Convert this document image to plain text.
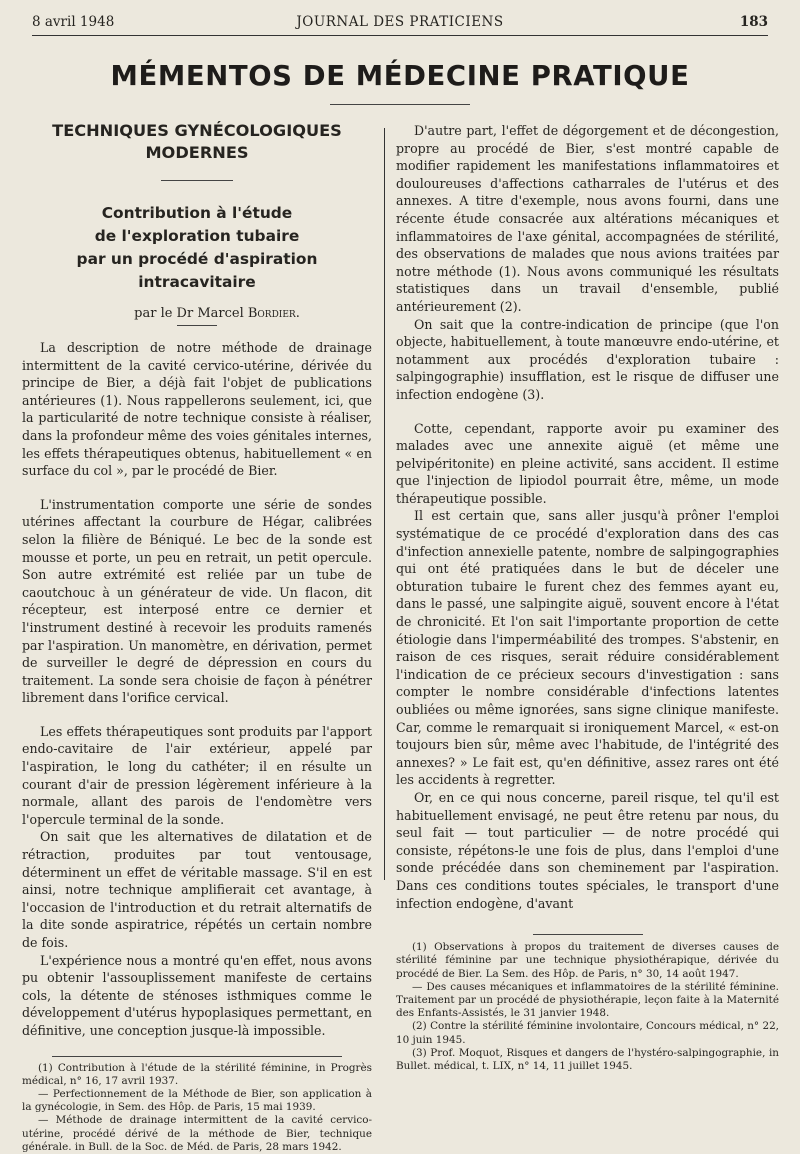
8 avril 1948	JOURNAL DES PRATICIENS	183
MÉMENTOS DE MÉDECINE PRATIQUE
TECHNIQUES GYNÉCOLOGIQUES
MODERNES
Contribution à l'étude
de l'exploration tubaire
par un procédé d'aspiration intracavitaire
par le Dr Marcel Bordier.

La description de notre méthode de drainage intermittent de la cavité cervico-utérine, dérivée du principe de Bier, a déjà fait l'objet de publications antérieures (1). Nous rappellerons seulement, ici, que la particularité de notre technique consiste à réaliser, dans la profondeur même des voies génitales internes, les effets thérapeutiques obtenus, habituellement « en surface du col », par le procédé de Bier.

L'instrumentation comporte une série de sondes utérines affectant la courbure de Hégar, calibrées selon la filière de Béniqué. Le bec de la sonde est mousse et porte, un peu en retrait, un petit opercule. Son autre extrémité est reliée par un tube de caoutchouc à un générateur de vide. Un flacon, dit récepteur, est interposé entre ce dernier et l'instrument destiné à recevoir les produits ramenés par l'aspiration. Un manomètre, en dérivation, permet de surveiller le degré de dépression en cours du traitement. La sonde sera choisie de façon à pénétrer librement dans l'orifice cervical.

Les effets thérapeutiques sont produits par l'apport endo-cavitaire de l'air extérieur, appelé par l'aspiration, le long du cathéter; il en résulte un courant d'air de pression légèrement inférieure à la normale, allant des parois de l'endomètre vers l'opercule terminal de la sonde.

On sait que les alternatives de dilatation et de rétraction, produites par tout ventousage, déterminent un effet de véritable massage. S'il en est ainsi, notre technique amplifierait cet avantage, à l'occasion de l'introduction et du retrait alternatifs de la dite sonde aspiratrice, répétés un certain nombre de fois.

L'expérience nous a montré qu'en effet, nous avons pu obtenir l'assouplissement manifeste de certains cols, la détente de sténoses isthmiques comme le développement d'utérus hypoplasiques permettant, en définitive, une conception jusque-là impossible.

(1) Contribution à l'étude de la stérilité féminine, in Progrès médical, n° 16, 17 avril 1937.

— Perfectionnement de la Méthode de Bier, son application à la gynécologie, in Sem. des Hôp. de Paris, 15 mai 1939.

— Méthode de drainage intermittent de la cavité cervico-utérine, procédé dérivé de la méthode de Bier, technique générale. in Bull. de la Soc. de Méd. de Paris, 28 mars 1942.

D'autre part, l'effet de dégorgement et de décongestion, propre au procédé de Bier, s'est montré capable de modifier rapidement les manifestations inflammatoires et douloureuses d'affections catharrales de l'utérus et des annexes. A titre d'exemple, nous avons fourni, dans une récente étude consacrée aux altérations mécaniques et inflammatoires de l'axe génital, accompagnées de stérilité, des observations de malades que nous avions traitées par notre méthode (1). Nous avons communiqué les résultats statistiques dans un travail d'ensemble, publié antérieurement (2).

On sait que la contre-indication de principe (que l'on objecte, habituellement, à toute manœuvre endo-utérine, et notamment aux procédés d'exploration tubaire : salpingographie) insufflation, est le risque de diffuser une infection endogène (3).

Cotte, cependant, rapporte avoir pu examiner des malades avec une annexite aiguë (et même une pelvipéritonite) en pleine activité, sans accident. Il estime que l'injection de lipiodol pourrait être, même, un mode thérapeutique possible.

Il est certain que, sans aller jusqu'à prôner l'emploi systématique de ce procédé d'exploration dans des cas d'infection annexielle patente, nombre de salpingographies qui ont été pratiquées dans le but de déceler une obturation tubaire le furent chez des femmes ayant eu, dans le passé, une salpingite aiguë, souvent encore à l'état de chronicité. Et l'on sait l'importante proportion de cette étiologie dans l'imperméabilité des trompes. S'abstenir, en raison de ces risques, serait réduire considérablement l'indication de ce précieux secours d'investigation : sans compter le nombre considérable d'infections latentes oubliées ou même ignorées, sans signe clinique manifeste. Car, comme le remarquait si ironiquement Marcel, « est-on toujours bien sûr, même avec l'habitude, de l'intégrité des annexes? » Le fait est, qu'en définitive, assez rares ont été les accidents à regretter.

Or, en ce qui nous concerne, pareil risque, tel qu'il est habituellement envisagé, ne peut être retenu par nous, du seul fait — tout particulier — de notre procédé qui consiste, répétons-le une fois de plus, dans l'emploi d'une sonde précédée dans son cheminement par l'aspiration. Dans ces conditions toutes spéciales, le transport d'une infection endogène, d'avant

(1) Observations à propos du traitement de diverses causes de stérilité féminine par une technique physiothérapique, dérivée du procédé de Bier. La Sem. des Hôp. de Paris, n° 30, 14 août 1947.

— Des causes mécaniques et inflammatoires de la stérilité féminine. Traitement par un procédé de physiothérapie, leçon faite à la Maternité des Enfants-Assistés, le 31 janvier 1948.

(2) Contre la stérilité féminine involontaire, Concours médical, n° 22, 10 juin 1945.

(3) Prof. Moquot, Risques et dangers de l'hystéro-salpingographie, in Bullet. médical, t. LIX, n° 14, 11 juillet 1945.
